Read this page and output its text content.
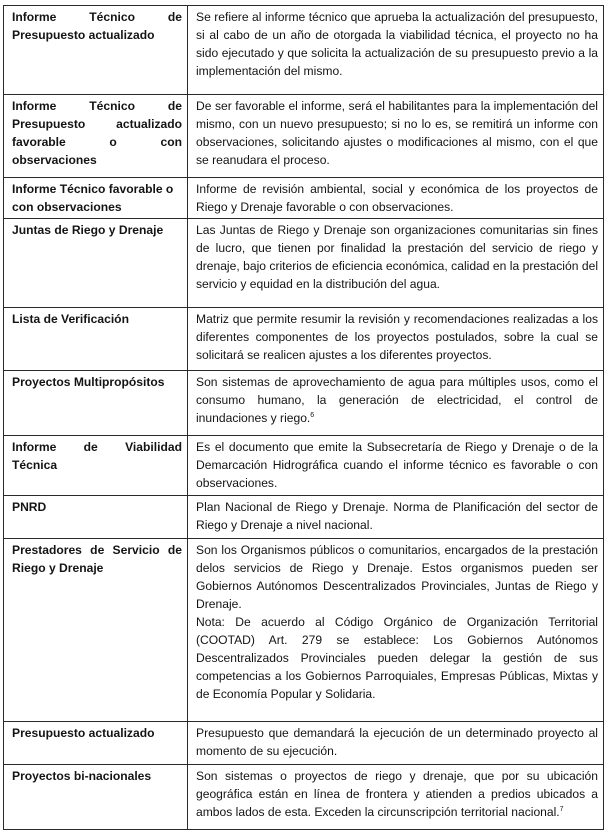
Informe Técnico de Presupuesto actualizado	Se refiere al informe técnico que aprueba la actualización del presupuesto, si al cabo de un año de otorgada la viabilidad técnica, el proyecto no ha sido ejecutado y que solicita la actualización de su presupuesto previo a la implementación del mismo.
Informe Técnico de Presupuesto actualizado favorable o con observaciones	De ser favorable el informe, será el habilitantes para la implementación del mismo, con un nuevo presupuesto; si no lo es, se remitirá un informe con observaciones, solicitando ajustes o modificaciones al mismo, con el que se reanudara el proceso.
Informe Técnico favorable o con observaciones	Informe de revisión ambiental, social y económica de los proyectos de Riego y Drenaje favorable o con observaciones.
Juntas de Riego y Drenaje	Las Juntas de Riego y Drenaje son organizaciones comunitarias sin fines de lucro, que tienen por finalidad la prestación del servicio de riego y drenaje, bajo criterios de eficiencia económica, calidad en la prestación del servicio y equidad en la distribución del agua.
Lista de Verificación	Matriz que permite resumir la revisión y recomendaciones realizadas a los diferentes componentes de los proyectos postulados, sobre la cual se solicitará se realicen ajustes a los diferentes proyectos.
Proyectos Multipropósitos	Son sistemas de aprovechamiento de agua para múltiples usos, como el consumo humano, la generación de electricidad, el control de inundaciones y riego.$^6$
Informe de Viabilidad Técnica	Es el documento que emite la Subsecretaría de Riego y Drenaje o de la Demarcación Hidrográfica cuando el informe técnico es favorable o con observaciones.
PNRD	Plan Nacional de Riego y Drenaje. Norma de Planificación del sector de Riego y Drenaje a nivel nacional.
Prestadores de Servicio de Riego y Drenaje	Son los Organismos públicos o comunitarios, encargados de la prestación delos servicios de Riego y Drenaje. Estos organismos pueden ser Gobiernos Autónomos Descentralizados Provinciales, Juntas de Riego y Drenaje.
Nota: De acuerdo al Código Orgánico de Organización Territorial (COOTAD) Art. 279 se establece: Los Gobiernos Autónomos Descentralizados Provinciales pueden delegar la gestión de sus competencias a los Gobiernos Parroquiales, Empresas Públicas, Mixtas y de Economía Popular y Solidaria.
Presupuesto actualizado	Presupuesto que demandará la ejecución de un determinado proyecto al momento de su ejecución.
Proyectos bi-nacionales	Son sistemas o proyectos de riego y drenaje, que por su ubicación geográfica están en línea de frontera y atienden a predios ubicados a ambos lados de esta. Exceden la circunscripción territorial nacional.$^7$
